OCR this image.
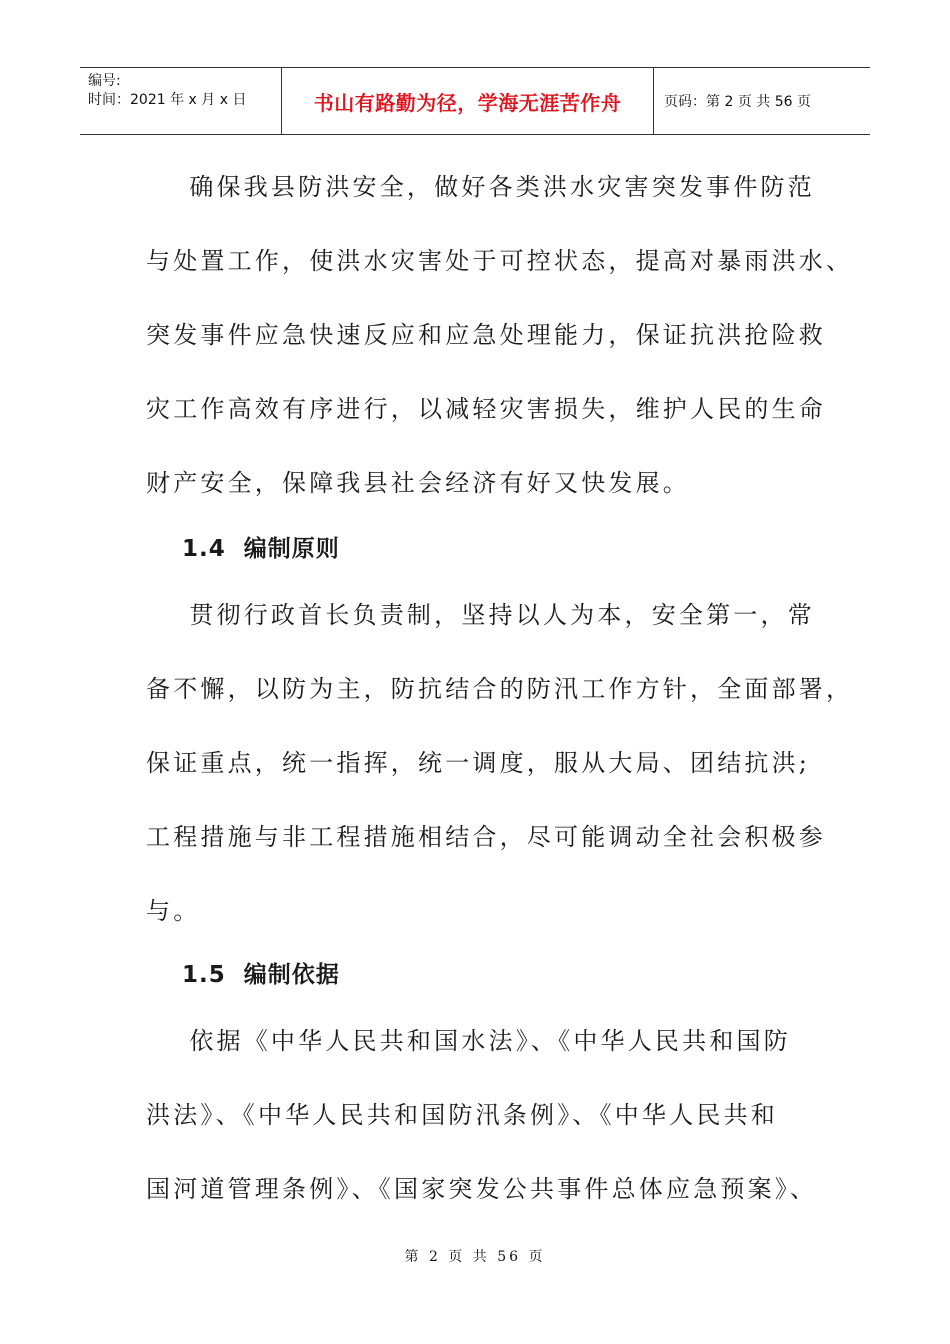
编号:
时间：2021 年 x 月 x 日	书山有路勤为径，学海无涯苦作舟	页码：第 2 页 共 56 页
确保我县防洪安全，做好各类洪水灾害突发事件防范
与处置工作，使洪水灾害处于可控状态，提高对暴雨洪水、
突发事件应急快速反应和应急处理能力，保证抗洪抢险救
灾工作高效有序进行，以减轻灾害损失，维护人民的生命
财产安全，保障我县社会经济有好又快发展。
1.4  编制原则
贯彻行政首长负责制，坚持以人为本，安全第一，常
备不懈，以防为主，防抗结合的防汛工作方针，全面部署，
保证重点，统一指挥，统一调度，服从大局、团结抗洪;
工程措施与非工程措施相结合，尽可能调动全社会积极参
与。
1.5  编制依据
依据《中华人民共和国水法》、《中华人民共和国防
洪法》、《中华人民共和国防汛条例》、《中华人民共和
国河道管理条例》、《国家突发公共事件总体应急预案》、
第 2 页 共 56 页
